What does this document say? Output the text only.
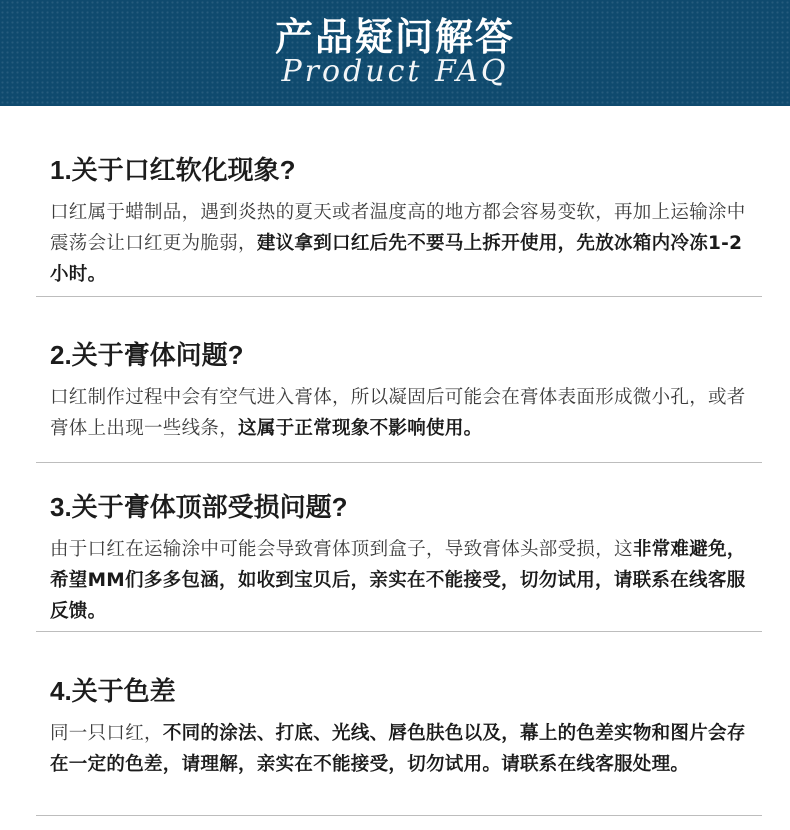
产品疑问解答
Product FAQ
1.关于口红软化现象?
口红属于蜡制品，遇到炎热的夏天或者温度高的地方都会容易变软，再加上运输涂中震荡会让口红更为脆弱，建议拿到口红后先不要马上拆开使用，先放冰箱内冷冻1-2小时。
2.关于膏体问题?
口红制作过程中会有空气进入膏体，所以凝固后可能会在膏体表面形成微小孔，或者膏体上出现一些线条，这属于正常现象不影响使用。
3.关于膏体顶部受损问题?
由于口红在运输涂中可能会导致膏体顶到盒子，导致膏体头部受损，这非常难避免，希望MM们多多包涵，如收到宝贝后，亲实在不能接受，切勿试用，请联系在线客服反馈。
4.关于色差
同一只口红，不同的涂法、打底、光线、唇色肤色以及，幕上的色差实物和图片会存在一定的色差，请理解，亲实在不能接受，切勿试用。请联系在线客服处理。
